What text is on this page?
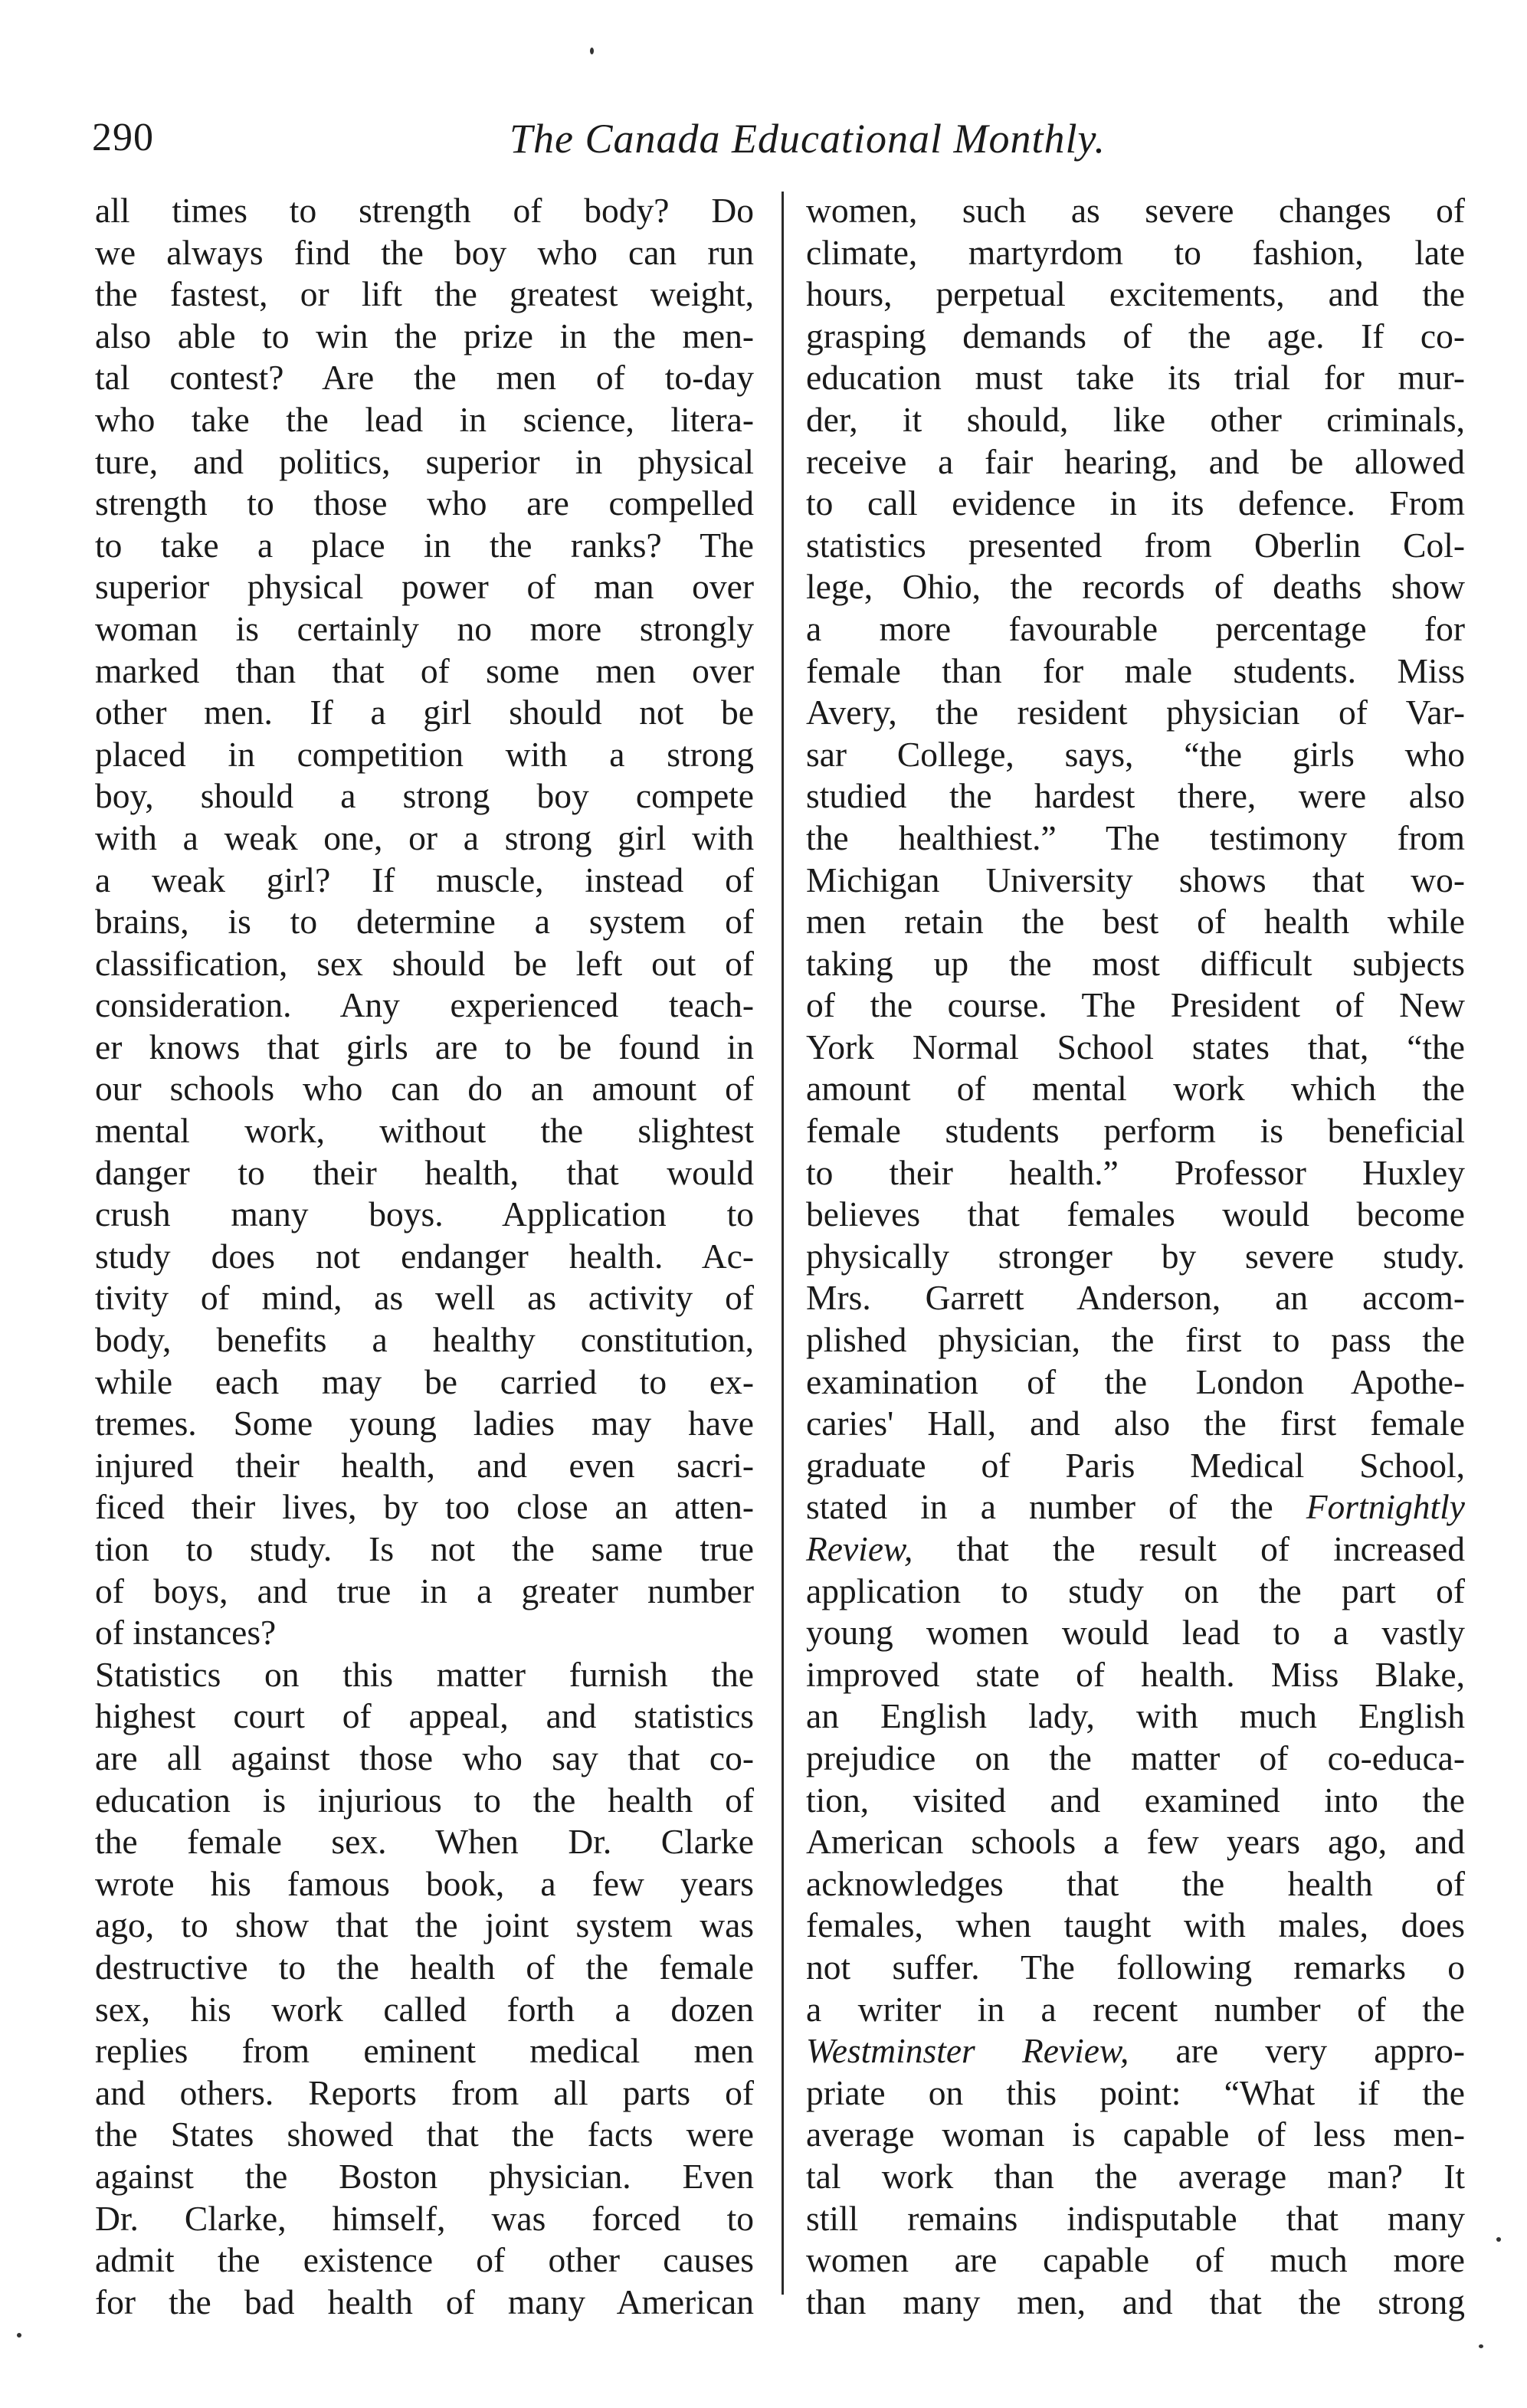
290	The Canada Educational Monthly.
all times to strength of body? Do
we always find the boy who can run
the fastest, or lift the greatest weight,
also able to win the prize in the men-
tal contest? Are the men of to-day
who take the lead in science, litera-
ture, and politics, superior in physical
strength to those who are compelled
to take a place in the ranks? The
superior physical power of man over
woman is certainly no more strongly
marked than that of some men over
other men. If a girl should not be
placed in competition with a strong
boy, should a strong boy compete
with a weak one, or a strong girl with
a weak girl? If muscle, instead of
brains, is to determine a system of
classification, sex should be left out of
consideration. Any experienced teach-
er knows that girls are to be found in
our schools who can do an amount of
mental work, without the slightest
danger to their health, that would
crush many boys. Application to
study does not endanger health. Ac-
tivity of mind, as well as activity of
body, benefits a healthy constitution,
while each may be carried to ex-
tremes. Some young ladies may have
injured their health, and even sacri-
ficed their lives, by too close an atten-
tion to study. Is not the same true
of boys, and true in a greater number
of instances?
Statistics on this matter furnish the
highest court of appeal, and statistics
are all against those who say that co-
education is injurious to the health of
the female sex. When Dr. Clarke
wrote his famous book, a few years
ago, to show that the joint system was
destructive to the health of the female
sex, his work called forth a dozen
replies from eminent medical men
and others. Reports from all parts of
the States showed that the facts were
against the Boston physician. Even
Dr. Clarke, himself, was forced to
admit the existence of other causes
for the bad health of many American
women, such as severe changes of
climate, martyrdom to fashion, late
hours, perpetual excitements, and the
grasping demands of the age. If co-
education must take its trial for mur-
der, it should, like other criminals,
receive a fair hearing, and be allowed
to call evidence in its defence. From
statistics presented from Oberlin Col-
lege, Ohio, the records of deaths show
a more favourable percentage for
female than for male students. Miss
Avery, the resident physician of Var-
sar College, says, “the girls who
studied the hardest there, were also
the healthiest.” The testimony from
Michigan University shows that wo-
men retain the best of health while
taking up the most difficult subjects
of the course. The President of New
York Normal School states that, “the
amount of mental work which the
female students perform is beneficial
to their health.” Professor Huxley
believes that females would become
physically stronger by severe study.
Mrs. Garrett Anderson, an accom-
plished physician, the first to pass the
examination of the London Apothe-
caries' Hall, and also the first female
graduate of Paris Medical School,
stated in a number of the Fortnightly
Review, that the result of increased
application to study on the part of
young women would lead to a vastly
improved state of health. Miss Blake,
an English lady, with much English
prejudice on the matter of co-educa-
tion, visited and examined into the
American schools a few years ago, and
acknowledges that the health of
females, when taught with males, does
not suffer. The following remarks o
a writer in a recent number of the
Westminster Review, are very appro-
priate on this point: “What if the
average woman is capable of less men-
tal work than the average man? It
still remains indisputable that many
women are capable of much more
than many men, and that the strong
